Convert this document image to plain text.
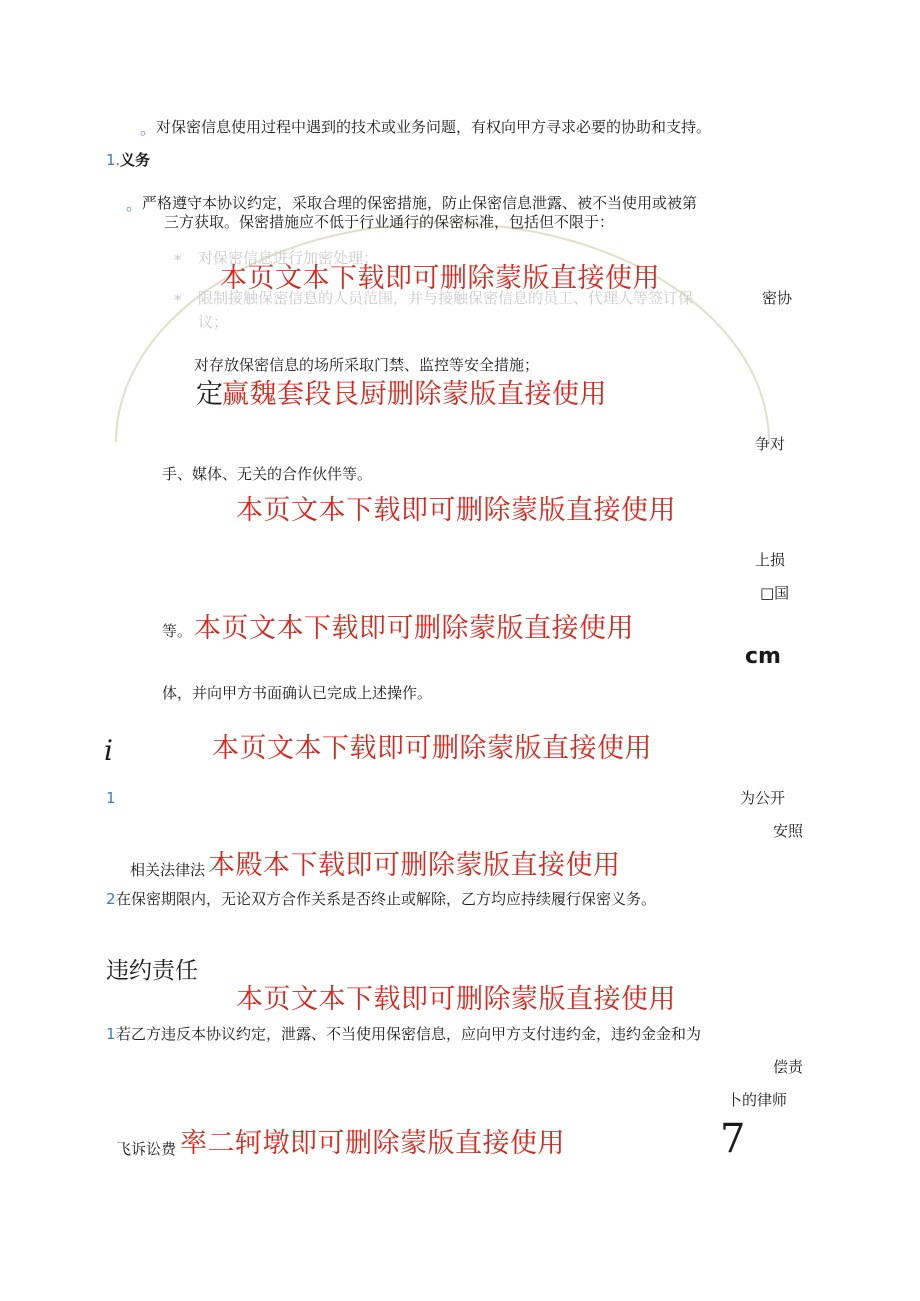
。 对保密信息使用过程中遇到的技术或业务问题，有权向甲方寻求必要的协助和支持。
1. 义务
。 严格遵守本协议约定，采取合理的保密措施，防止保密信息泄露、被不当使用或被第
三方获取。保密措施应不低于行业通行的保密标准，包括但不限于：
* 对保密信息进行加密处理；
* 限制接触保密信息的人员范围，并与接触保密信息的员工、代理人等签订保	密协
议；
本页文本下载即可删除蒙版直接使用
对存放保密信息的场所采取门禁、监控等安全措施；
定
赢魏套段艮厨删除蒙版直接使用
争对
手、媒体、无关的合作伙伴等。
本页文本下载即可删除蒙版直接使用
上损
□国
等。 本页文本下载即可删除蒙版直接使用
cm
体，并向甲方书面确认已完成上述操作。
i	本页文本下载即可删除蒙版直接使用
1	为公开
安照
相关法律法 本殿本下载即可删除蒙版直接使用
2 在保密期限内，无论双方合作关系是否终止或解除，乙方均应持续履行保密义务。
违约责任
本页文本下载即可删除蒙版直接使用
1 若乙方违反本协议约定，泄露、不当使用保密信息，应向甲方支付违约金，违约金金和为
偿责
卜的律师
飞诉讼费 率二轲墩即可删除蒙版直接使用	7
